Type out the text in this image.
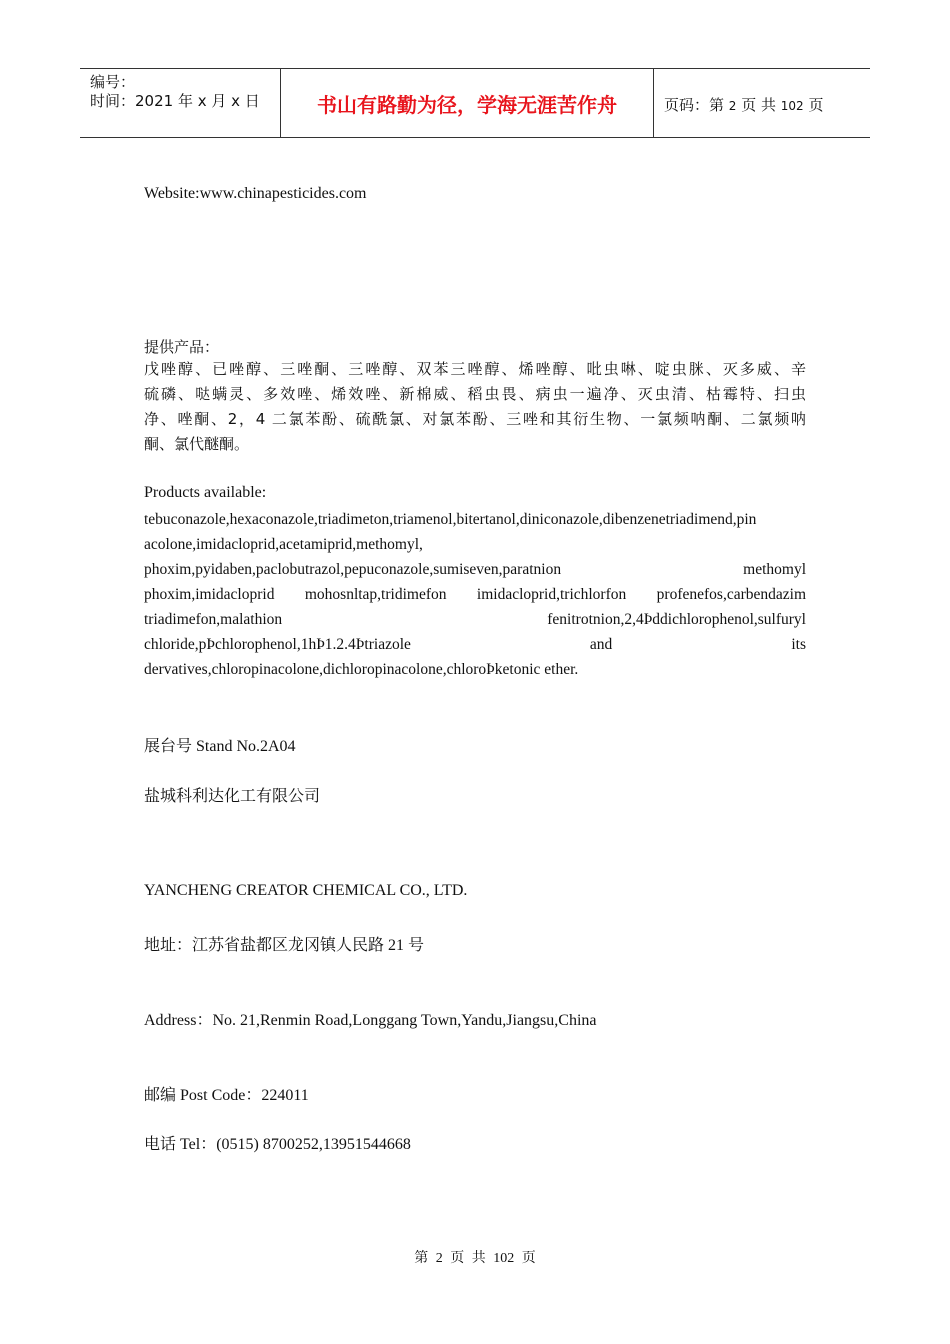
编号：
时间：2021 年 x 月 x 日	书山有路勤为径，学海无涯苦作舟	页码：第 2 页 共 102 页
Website:www.chinapesticides.com
提供产品：

戊唑醇、已唑醇、三唑酮、三唑醇、双苯三唑醇、烯唑醇、吡虫啉、啶虫脒、灭多威、辛

硫磷、哒螨灵、多效唑、烯效唑、新棉威、稻虫畏、病虫一遍净、灭虫清、枯霉特、扫虫

净、唑酮、2，4 二氯苯酚、硫酰氯、对氯苯酚、三唑和其衍生物、一氯频呐酮、二氯频呐

酮、氯代醚酮。

Products available:

tebuconazole,hexaconazole,triadimeton,triamenol,bitertanol,diniconazole,dibenzenetriadimend,pin

acolone,imidacloprid,acetamiprid,methomyl,

phoxim,pyidaben,paclobutrazol,pepuconazole,sumiseven,paratnion methomyl

phoxim,imidacloprid mohosnltap,tridimefon imidacloprid,trichlorfon profenefos,carbendazim

triadimefon,malathion fenitrotnion,2,4Þddichlorophenol,sulfuryl

chloride,pÞchlorophenol,1hÞ1.2.4Þtriazole and its

dervatives,chloropinacolone,dichloropinacolone,chloroÞketonic ether.

展台号 Stand No.2A04
盐城科利达化工有限公司
YANCHENG CREATOR CHEMICAL CO., LTD.
地址：江苏省盐都区龙冈镇人民路 21 号
Address：No. 21,Renmin Road,Longgang Town,Yandu,Jiangsu,China
邮编 Post Code：224011
电话 Tel：(0515) 8700252,13951544668
第 2 页 共 102 页
